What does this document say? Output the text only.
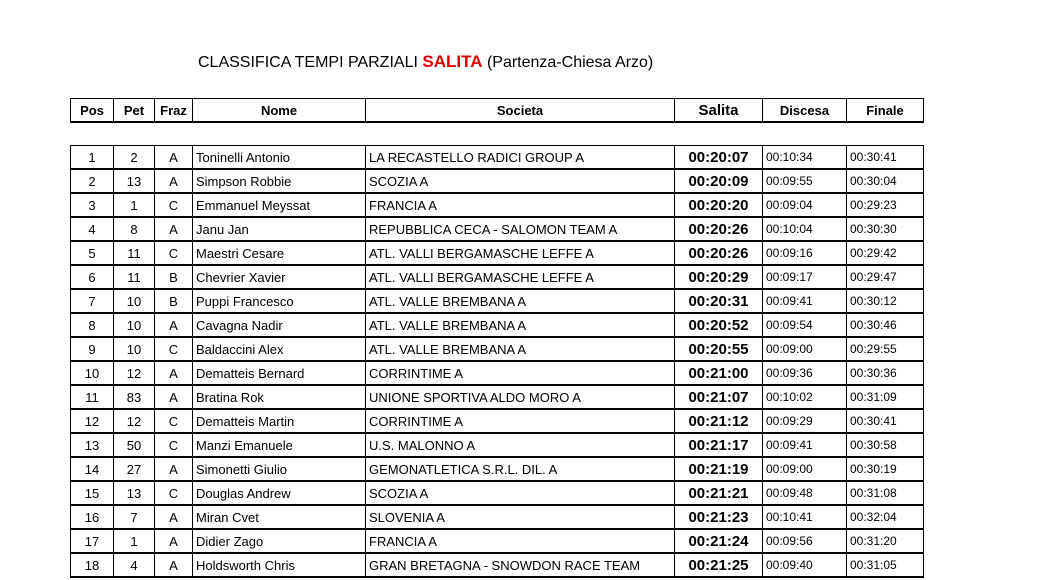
CLASSIFICA TEMPI PARZIALI SALITA (Partenza-Chiesa Arzo)
Pos	Pet	Fraz	Nome	Societa	Salita	Discesa	Finale
1	2	A	Toninelli Antonio	LA RECASTELLO RADICI GROUP A	00:20:07	00:10:34	00:30:41
2	13	A	Simpson Robbie	SCOZIA A	00:20:09	00:09:55	00:30:04
3	1	C	Emmanuel Meyssat	FRANCIA A	00:20:20	00:09:04	00:29:23
4	8	A	Janu Jan	REPUBBLICA CECA - SALOMON TEAM A	00:20:26	00:10:04	00:30:30
5	11	C	Maestri Cesare	ATL. VALLI BERGAMASCHE LEFFE A	00:20:26	00:09:16	00:29:42
6	11	B	Chevrier Xavier	ATL. VALLI BERGAMASCHE LEFFE A	00:20:29	00:09:17	00:29:47
7	10	B	Puppi Francesco	ATL. VALLE BREMBANA A	00:20:31	00:09:41	00:30:12
8	10	A	Cavagna Nadir	ATL. VALLE BREMBANA A	00:20:52	00:09:54	00:30:46
9	10	C	Baldaccini Alex	ATL. VALLE BREMBANA A	00:20:55	00:09:00	00:29:55
10	12	A	Dematteis Bernard	CORRINTIME A	00:21:00	00:09:36	00:30:36
11	83	A	Bratina Rok	UNIONE SPORTIVA ALDO MORO A	00:21:07	00:10:02	00:31:09
12	12	C	Dematteis Martin	CORRINTIME A	00:21:12	00:09:29	00:30:41
13	50	C	Manzi Emanuele	U.S. MALONNO A	00:21:17	00:09:41	00:30:58
14	27	A	Simonetti Giulio	GEMONATLETICA S.R.L. DIL. A	00:21:19	00:09:00	00:30:19
15	13	C	Douglas Andrew	SCOZIA A	00:21:21	00:09:48	00:31:08
16	7	A	Miran Cvet	SLOVENIA A	00:21:23	00:10:41	00:32:04
17	1	A	Didier Zago	FRANCIA A	00:21:24	00:09:56	00:31:20
18	4	A	Holdsworth Chris	GRAN BRETAGNA - SNOWDON RACE TEAM	00:21:25	00:09:40	00:31:05
